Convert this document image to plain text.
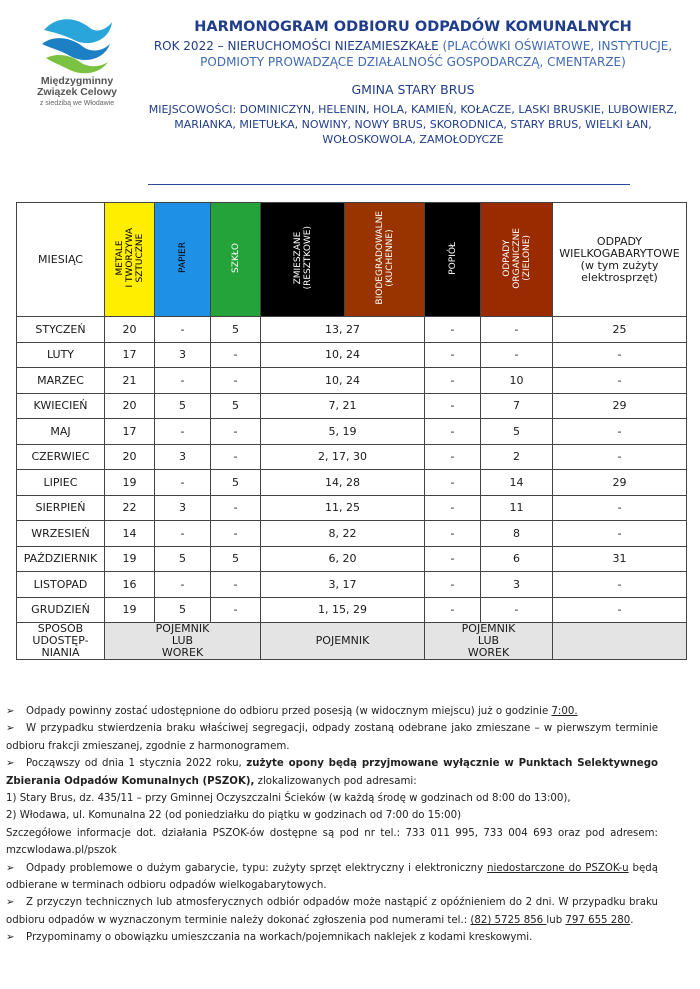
Międzygminny
Związek Celowy
z siedzibą we Włodawie
HARMONOGRAM ODBIORU ODPADÓW KOMUNALNYCH
ROK 2022 – NIERUCHOMOŚCI NIEZAMIESZKAŁE (PLACÓWKI OŚWIATOWE, INSTYTUCJE, PODMIOTY PROWADZĄCE DZIAŁALNOŚĆ GOSPODARCZĄ, CMENTARZE)
GMINA STARY BRUS
MIEJSCOWOŚCI: DOMINICZYN, HELENIN, HOLA, KAMIEŃ, KOŁACZE, LASKI BRUSKIE, LUBOWIERZ, MARIANKA, MIETUŁKA, NOWINY, NOWY BRUS, SKORODNICA, STARY BRUS, WIELKI ŁAN, WOŁOSKOWOLA, ZAMOŁODYCZE
MIESIĄC	METALE
I TWORZYWA
SZTUCZNE	PAPIER	SZKŁO	ZMIESZANE
(RESZTKOWE)	BIODEGRADOWALNE
(KUCHENNE)	POPIÓŁ	ODPADY
ORGANICZNE
(ZIELONE)	ODPADY
WIELKOGABARYTOWE
(w tym zużyty
elektrosprzęt)
STYCZEŃ	20	-	5	13, 27		-	-	25
LUTY	17	3	-	10, 24		-	-	-
MARZEC	21	-	-	10, 24		-	10	-
KWIECIEŃ	20	5	5	7, 21		-	7	29
MAJ	17	-	-	5, 19		-	5	-
CZERWIEC	20	3	-	2, 17, 30		-	2	-
LIPIEC	19	-	5	14, 28		-	14	29
SIERPIEŃ	22	3	-	11, 25		-	11	-
WRZESIEŃ	14	-	-	8, 22		-	8	-
PAŹDZIERNIK	19	5	5	6, 20		-	6	31
LISTOPAD	16	-	-	3, 17		-	3	-
GRUDZIEŃ	19	5	-	1, 15, 29		-	-	-
SPOSÓB
UDOSTĘP-
NIANIA	POJEMNIK
LUB
WOREK			POJEMNIK		POJEMNIK
LUB
WOREK		

➢ Odpady powinny zostać udostępnione do odbioru przed posesją (w widocznym miejscu) już o godzinie 7:00.

➢ W przypadku stwierdzenia braku właściwej segregacji, odpady zostaną odebrane jako zmieszane – w pierwszym terminie odbioru frakcji zmieszanej, zgodnie z harmonogramem.

➢ Począwszy od dnia 1 stycznia 2022 roku, zużyte opony będą przyjmowane wyłącznie w Punktach Selektywnego Zbierania Odpadów Komunalnych (PSZOK), zlokalizowanych pod adresami:

1) Stary Brus, dz. 435/11 – przy Gminnej Oczyszczalni Ścieków (w każdą środę w godzinach od 8:00 do 13:00),

2) Włodawa, ul. Komunalna 22 (od poniedziałku do piątku w godzinach od 7:00 do 15:00)

Szczegółowe informacje dot. działania PSZOK-ów dostępne są pod nr tel.: 733 011 995, 733 004 693 oraz pod adresem: mzcwlodawa.pl/pszok

➢ Odpady problemowe o dużym gabarycie, typu: zużyty sprzęt elektryczny i elektroniczny niedostarczone do PSZOK-u będą odbierane w terminach odbioru odpadów wielkogabarytowych.

➢ Z przyczyn technicznych lub atmosferycznych odbiór odpadów może nastąpić z opóźnieniem do 2 dni. W przypadku braku odbioru odpadów w wyznaczonym terminie należy dokonać zgłoszenia pod numerami tel.: (82) 5725 856 lub 797 655 280.

➢ Przypominamy o obowiązku umieszczania na workach/pojemnikach naklejek z kodami kreskowymi.
